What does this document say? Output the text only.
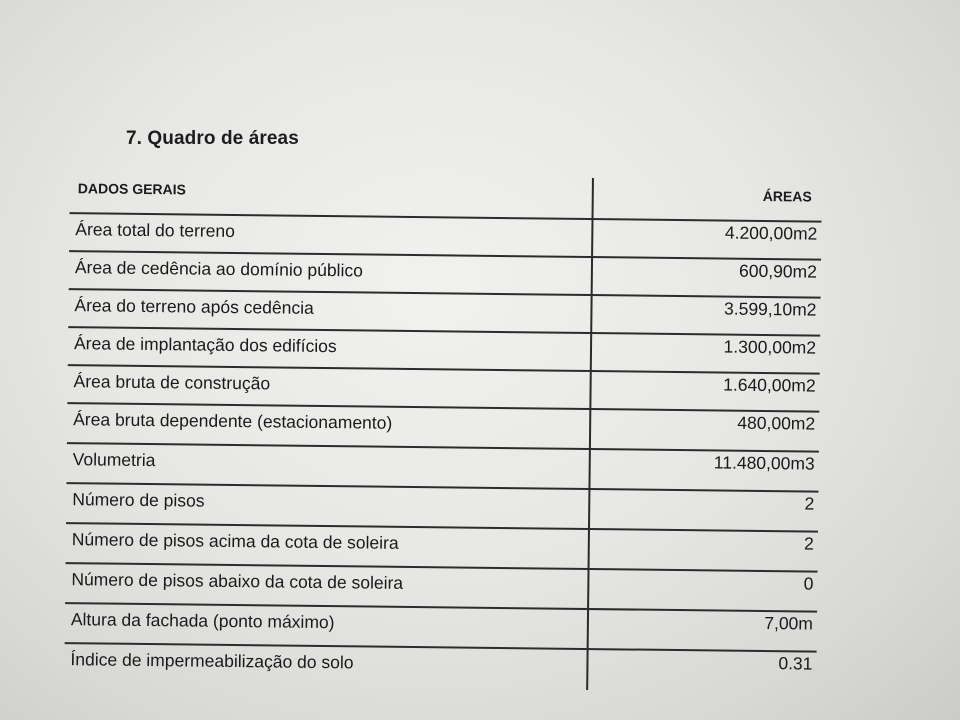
7. Quadro de áreas
DADOS GERAIS	ÁREAS
Área total do terreno	4.200,00m2
Área de cedência ao domínio público	600,90m2
Área do terreno após cedência	3.599,10m2
Área de implantação dos edifícios	1.300,00m2
Área bruta de construção	1.640,00m2
Área bruta dependente (estacionamento)	480,00m2
Volumetria	11.480,00m3
Número de pisos	2
Número de pisos acima da cota de soleira	2
Número de pisos abaixo da cota de soleira	0
Altura da fachada (ponto máximo)	7,00m
Índice de impermeabilização do solo	0.31
